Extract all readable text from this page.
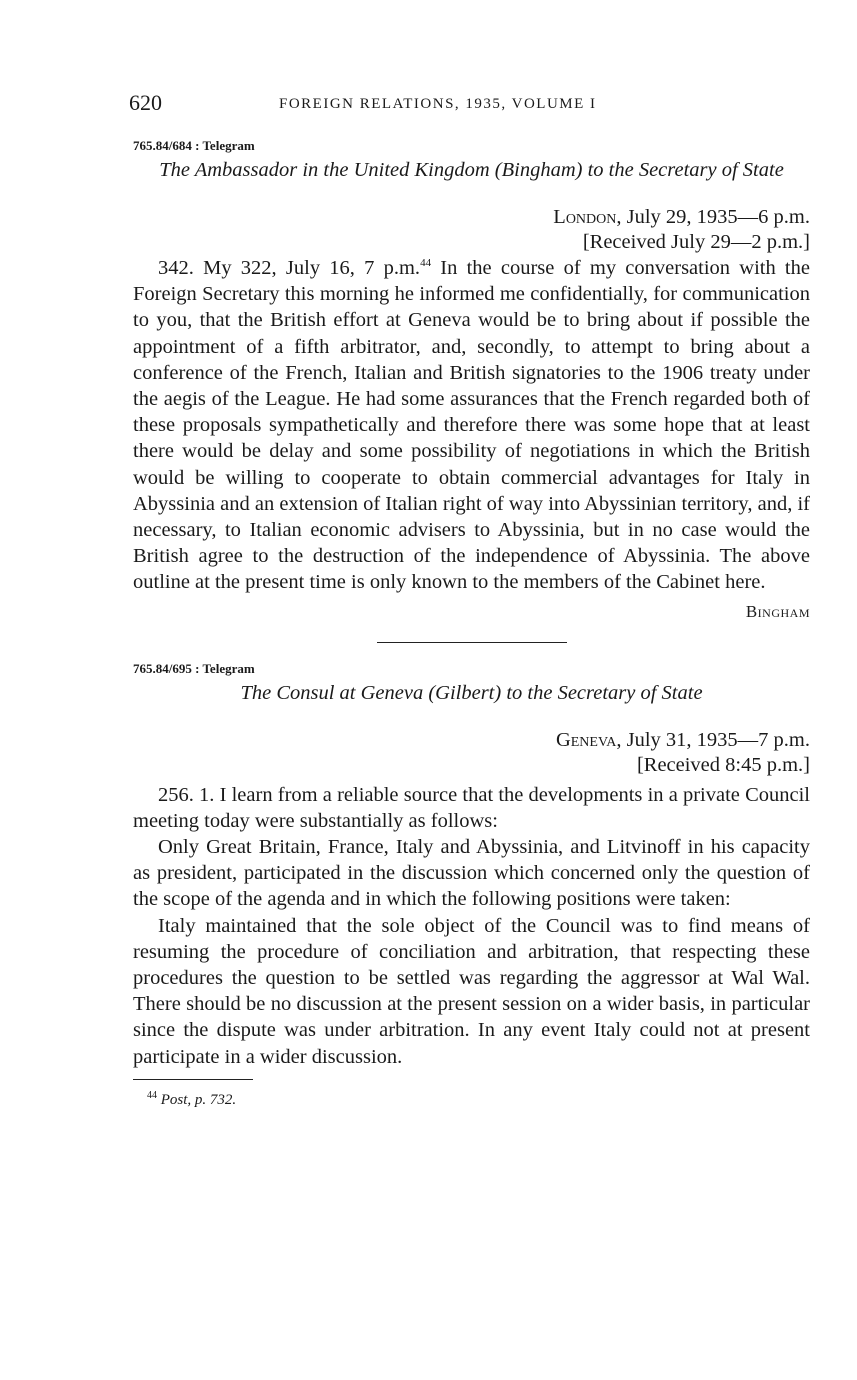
620	FOREIGN RELATIONS, 1935, VOLUME I
765.84/684 : Telegram
The Ambassador in the United Kingdom (Bingham) to the Secretary of State
London, July 29, 1935—6 p.m.
[Received July 29—2 p.m.]

342. My 322, July 16, 7 p.m.$^{44}$ In the course of my conversation with the Foreign Secretary this morning he informed me confidentially, for communication to you, that the British effort at Geneva would be to bring about if possible the appointment of a fifth arbitrator, and, secondly, to attempt to bring about a conference of the French, Italian and British signatories to the 1906 treaty under the aegis of the League. He had some assurances that the French regarded both of these proposals sympathetically and therefore there was some hope that at least there would be delay and some possibility of negotiations in which the British would be willing to cooperate to obtain commercial advantages for Italy in Abyssinia and an extension of Italian right of way into Abyssinian territory, and, if necessary, to Italian economic advisers to Abyssinia, but in no case would the British agree to the destruction of the independence of Abyssinia. The above outline at the present time is only known to the members of the Cabinet here.

Bingham
765.84/695 : Telegram
The Consul at Geneva (Gilbert) to the Secretary of State
Geneva, July 31, 1935—7 p.m.
[Received 8:45 p.m.]

256. 1. I learn from a reliable source that the developments in a private Council meeting today were substantially as follows:

Only Great Britain, France, Italy and Abyssinia, and Litvinoff in his capacity as president, participated in the discussion which concerned only the question of the scope of the agenda and in which the following positions were taken:

Italy maintained that the sole object of the Council was to find means of resuming the procedure of conciliation and arbitration, that respecting these procedures the question to be settled was regarding the aggressor at Wal Wal. There should be no discussion at the present session on a wider basis, in particular since the dispute was under arbitration. In any event Italy could not at present participate in a wider discussion.

$^{44}$ Post, p. 732.
